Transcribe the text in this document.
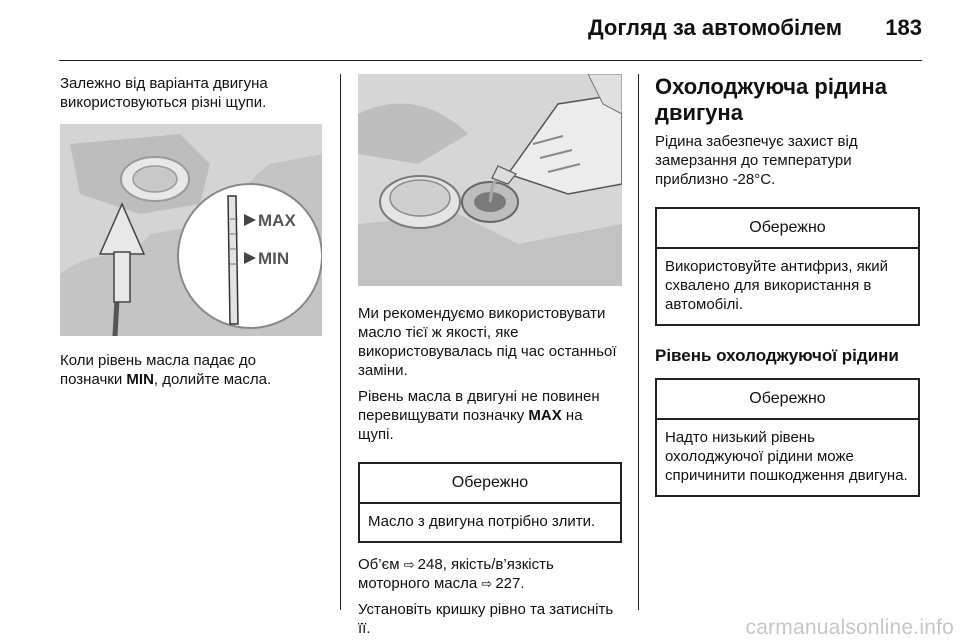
Догляд за автомобілем 183

Залежно від варіанта двигуна використовуються різні щупи.

MAX
MIN

Коли рівень масла падає до позначки MIN, долийте масла.

Ми рекомендуємо використовувати масло тієї ж якості, яке використовувалась під час останньої заміни.

Рівень масла в двигуні не повинен перевищувати позначку MAX на щупі.

Обережно
Масло з двигуна потрібно злити.

Об’єм ⇨  248, якість/в’язкість моторного масла ⇨  227.

Установіть кришку рівно та затисніть її.

Охолоджуюча рідина двигуна

Рідина забезпечує захист від замерзання до температури приблизно -28°C.

Обережно
Використовуйте антифриз, який схвалено для використання в автомобілі.
Рівень охолоджуючої рідини
Обережно
Надто низький рівень охолоджуючої рідини може спричинити пошкодження двигуна.
carmanualsonline.info
